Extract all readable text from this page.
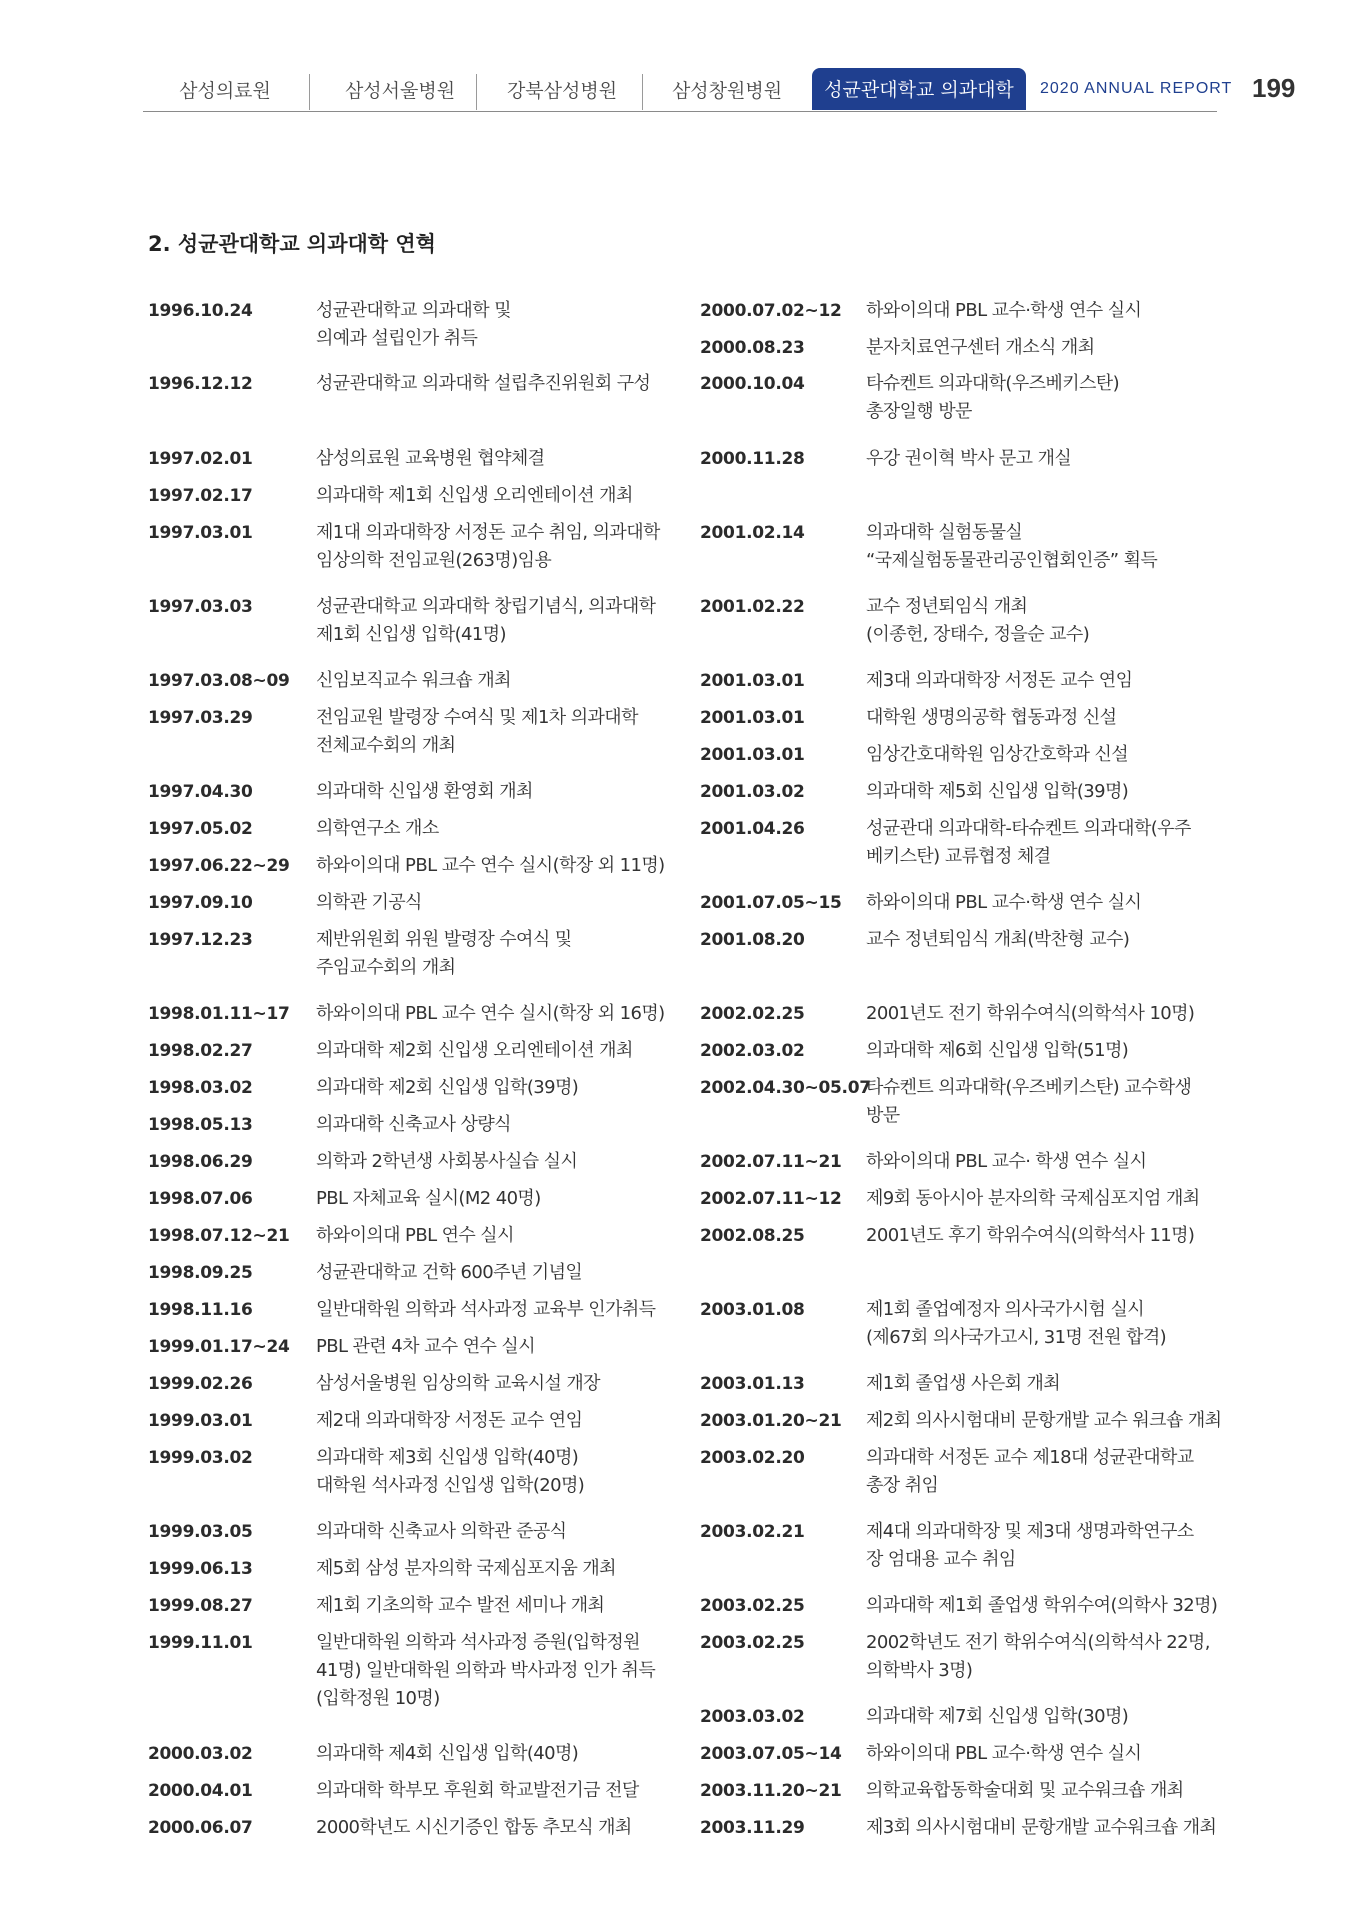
삼성의료원	삼성서울병원	강북삼성병원	삼성창원병원	성균관대학교 의과대학	2020 ANNUAL REPORT 199
2. 성균관대학교 의과대학 연혁
1996.10.24	성균관대학교 의과대학 및
의예과 설립인가 취득
1996.12.12	성균관대학교 의과대학 설립추진위원회 구성
1997.02.01	삼성의료원 교육병원 협약체결
1997.02.17	의과대학 제1회 신입생 오리엔테이션 개최
1997.03.01	제1대 의과대학장 서정돈 교수 취임, 의과대학
임상의학 전임교원(263명)임용
1997.03.03	성균관대학교 의과대학 창립기념식, 의과대학
제1회 신입생 입학(41명)
1997.03.08~09 신임보직교수 워크숍 개최
1997.03.29	전임교원 발령장 수여식 및 제1차 의과대학
전체교수회의 개최
1997.04.30	의과대학 신입생 환영회 개최
1997.05.02	의학연구소 개소
1997.06.22~29 하와이의대 PBL 교수 연수 실시(학장 외 11명)
1997.09.10	의학관 기공식
1997.12.23	제반위원회 위원 발령장 수여식 및
주임교수회의 개최
1998.01.11~17 하와이의대 PBL 교수 연수 실시(학장 외 16명)
1998.02.27	의과대학 제2회 신입생 오리엔테이션 개최
1998.03.02	의과대학 제2회 신입생 입학(39명)
1998.05.13	의과대학 신축교사 상량식
1998.06.29	의학과 2학년생 사회봉사실습 실시
1998.07.06	PBL 자체교육 실시(M2 40명)
1998.07.12~21 하와이의대 PBL 연수 실시
1998.09.25	성균관대학교 건학 600주년 기념일
1998.11.16	일반대학원 의학과 석사과정 교육부 인가취득
1999.01.17~24 PBL 관련 4차 교수 연수 실시
1999.02.26	삼성서울병원 임상의학 교육시설 개장
1999.03.01	제2대 의과대학장 서정돈 교수 연임
1999.03.02	의과대학 제3회 신입생 입학(40명)
대학원 석사과정 신입생 입학(20명)
1999.03.05	의과대학 신축교사 의학관 준공식
1999.06.13	제5회 삼성 분자의학 국제심포지움 개최
1999.08.27	제1회 기초의학 교수 발전 세미나 개최
1999.11.01	일반대학원 의학과 석사과정 증원(입학정원
41명) 일반대학원 의학과 박사과정 인가 취득
(입학정원 10명)
2000.03.02	의과대학 제4회 신입생 입학(40명)
2000.04.01	의과대학 학부모 후원회 학교발전기금 전달
2000.06.07	2000학년도 시신기증인 합동 추모식 개최
2000.07.02~12 하와이의대 PBL 교수·학생 연수 실시
2000.08.23	분자치료연구센터 개소식 개최
2000.10.04	타슈켄트 의과대학(우즈베키스탄)
총장일행 방문
2000.11.28	우강 권이혁 박사 문고 개실
2001.02.14	의과대학 실험동물실
“국제실험동물관리공인협회인증” 획득
2001.02.22	교수 정년퇴임식 개최
(이종헌, 장태수, 정을순 교수)
2001.03.01	제3대 의과대학장 서정돈 교수 연임
2001.03.01	대학원 생명의공학 협동과정 신설
2001.03.01	임상간호대학원 임상간호학과 신설
2001.03.02	의과대학 제5회 신입생 입학(39명)
2001.04.26	성균관대 의과대학-타슈켄트 의과대학(우주
베키스탄) 교류협정 체결
2001.07.05~15 하와이의대 PBL 교수·학생 연수 실시
2001.08.20	교수 정년퇴임식 개최(박찬형 교수)
2002.02.25	2001년도 전기 학위수여식(의학석사 10명)
2002.03.02	의과대학 제6회 신입생 입학(51명)
2002.04.30~05.07
타슈켄트 의과대학(우즈베키스탄) 교수학생
방문
2002.07.11~21 하와이의대 PBL 교수· 학생 연수 실시
2002.07.11~12 제9회 동아시아 분자의학 국제심포지엄 개최
2002.08.25	2001년도 후기 학위수여식(의학석사 11명)
2003.01.08	제1회 졸업예정자 의사국가시험 실시
(제67회 의사국가고시, 31명 전원 합격)
2003.01.13	제1회 졸업생 사은회 개최
2003.01.20~21 제2회 의사시험대비 문항개발 교수 워크숍 개최
2003.02.20	의과대학 서정돈 교수 제18대 성균관대학교
총장 취임
2003.02.21	제4대 의과대학장 및 제3대 생명과학연구소
장 엄대용 교수 취임
2003.02.25	의과대학 제1회 졸업생 학위수여(의학사 32명)
2003.02.25	2002학년도 전기 학위수여식(의학석사 22명,
의학박사 3명)
2003.03.02	의과대학 제7회 신입생 입학(30명)
2003.07.05~14 하와이의대 PBL 교수·학생 연수 실시
2003.11.20~21 의학교육합동학술대회 및 교수워크숍 개최
2003.11.29	제3회 의사시험대비 문항개발 교수워크숍 개최
